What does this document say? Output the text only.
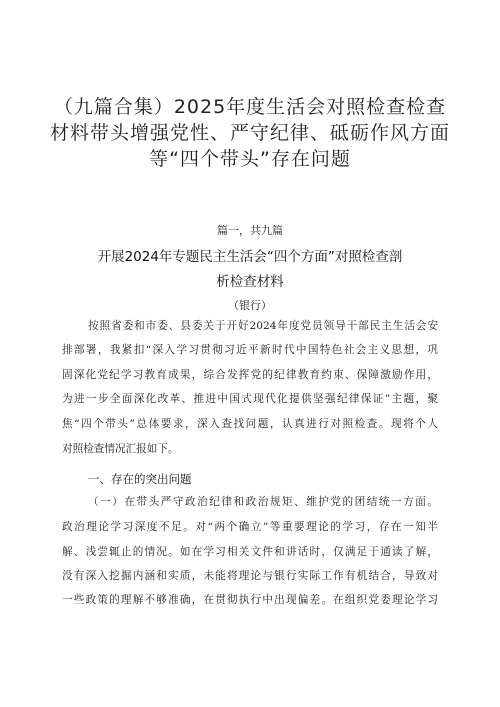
（九篇合集）2025年度生活会对照检查检查
材料带头增强党性、严守纪律、砥砺作风方面
等“四个带头”存在问题
篇一，共九篇
开展2024年专题民主生活会“四个方面”对照检查剖
析检查材料
（银行）
按照省委和市委、县委关于开好2024年度党员领导干部民主生活会安
排部署，我紧扣“深入学习贯彻习近平新时代中国特色社会主义思想，巩
固深化党纪学习教育成果，综合发挥党的纪律教育约束、保障激励作用，
为进一步全面深化改革、推进中国式现代化提供坚强纪律保证”主题，聚
焦“四个带头”总体要求，深入查找问题，认真进行对照检查。现将个人
对照检查情况汇报如下。
一、存在的突出问题
（一）在带头严守政治纪律和政治规矩、维护党的团结统一方面。
政治理论学习深度不足。对“两个确立”等重要理论的学习，存在一知半
解、浅尝辄止的情况。如在学习相关文件和讲话时，仅满足于通读了解，
没有深入挖掘内涵和实质，未能将理论与银行实际工作有机结合，导致对
一些政策的理解不够准确，在贯彻执行中出现偏差。在组织党委理论学习
